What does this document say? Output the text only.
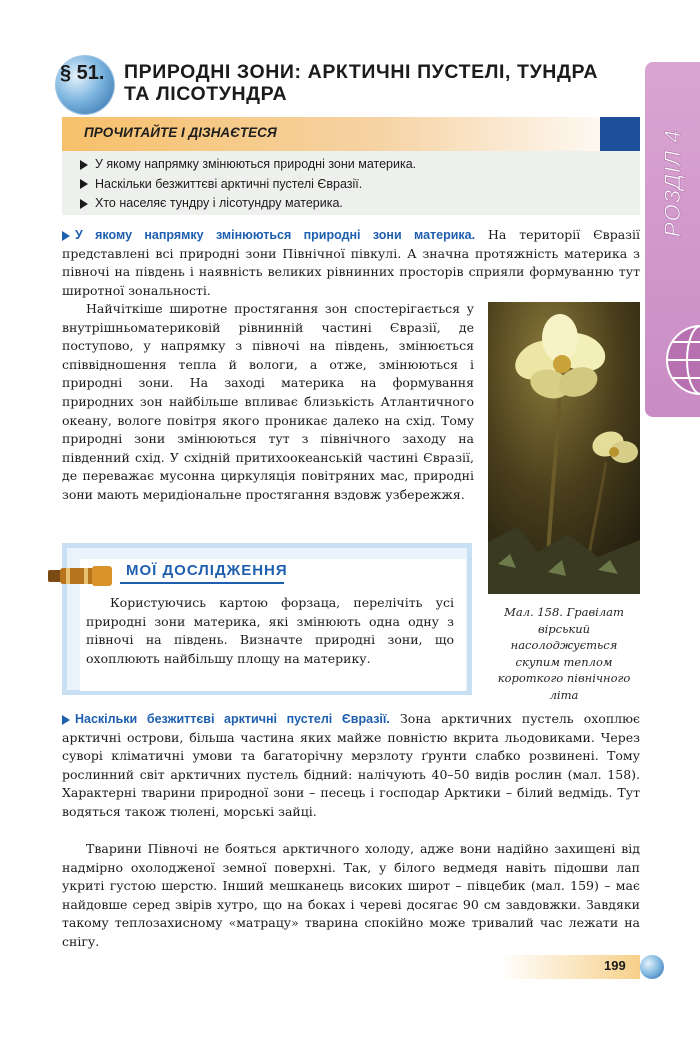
§ 51. ПРИРОДНІ ЗОНИ: АРКТИЧНІ ПУСТЕЛІ, ТУНДРА
ТА ЛІСОТУНДРА
РОЗДІЛ 4
ПРОЧИТАЙТЕ І ДІЗНАЄТЕСЯ
У якому напрямку змінюються природні зони материка.
Наскільки безжиттєві арктичні пустелі Євразії.
Хто населяє тундру і лісотундру материка.
У якому напрямку змінюються природні зони материка. На території Євразії представлені всі природні зони Північної півкулі. А значна протяжність материка з півночі на південь і наявність великих рівнинних просторів сприяли формуванню тут широтної зональності.
Найчіткіше широтне простягання зон спостерігається у внутрішньоматериковій рівнинній частині Євразії, де поступово, у напрямку з півночі на південь, змінюється співвідношення тепла й вологи, а отже, змінюються і природні зони. На заході материка на формування природних зон найбільше впливає близькість Атлантичного океану, вологе повітря якого проникає далеко на схід. Тому природні зони змінюються тут з північного заходу на південний схід. У східній притихоокеанській частині Євразії, де переважає мусонна циркуляція повітряних мас, природні зони мають меридіональне простягання вздовж узбережжя.
Мал. 158. Гравілат вірський насолоджується скупим теплом короткого північного літа
МОЇ ДОСЛІДЖЕННЯ
Користуючись картою форзаца, перелічіть усі природні зони материка, які змінюють одна одну з півночі на південь. Визначте природні зони, що охоплюють найбільшу площу на материку.
Наскільки безжиттєві арктичні пустелі Євразії. Зона арктичних пустель охоплює арктичні острови, більша частина яких майже повністю вкрита льодовиками. Через суворі кліматичні умови та багаторічну мерзлоту ґрунти слабко розвинені. Тому рослинний світ арктичних пустель бідний: налічують 40–50 видів рослин (мал. 158). Характерні тварини природної зони – песець і господар Арктики – білий ведмідь. Тут водяться також тюлені, морські зайці.
Тварини Півночі не бояться арктичного холоду, адже вони надійно захищені від надмірно охолодженої земної поверхні. Так, у білого ведмедя навіть підошви лап укриті густою шерстю. Інший мешканець високих широт – півцебик (мал. 159) – має найдовше серед звірів хутро, що на боках і череві досягає 90 см завдовжки. Завдяки такому теплозахисному «матрацу» тварина спокійно може тривалий час лежати на снігу.
199
